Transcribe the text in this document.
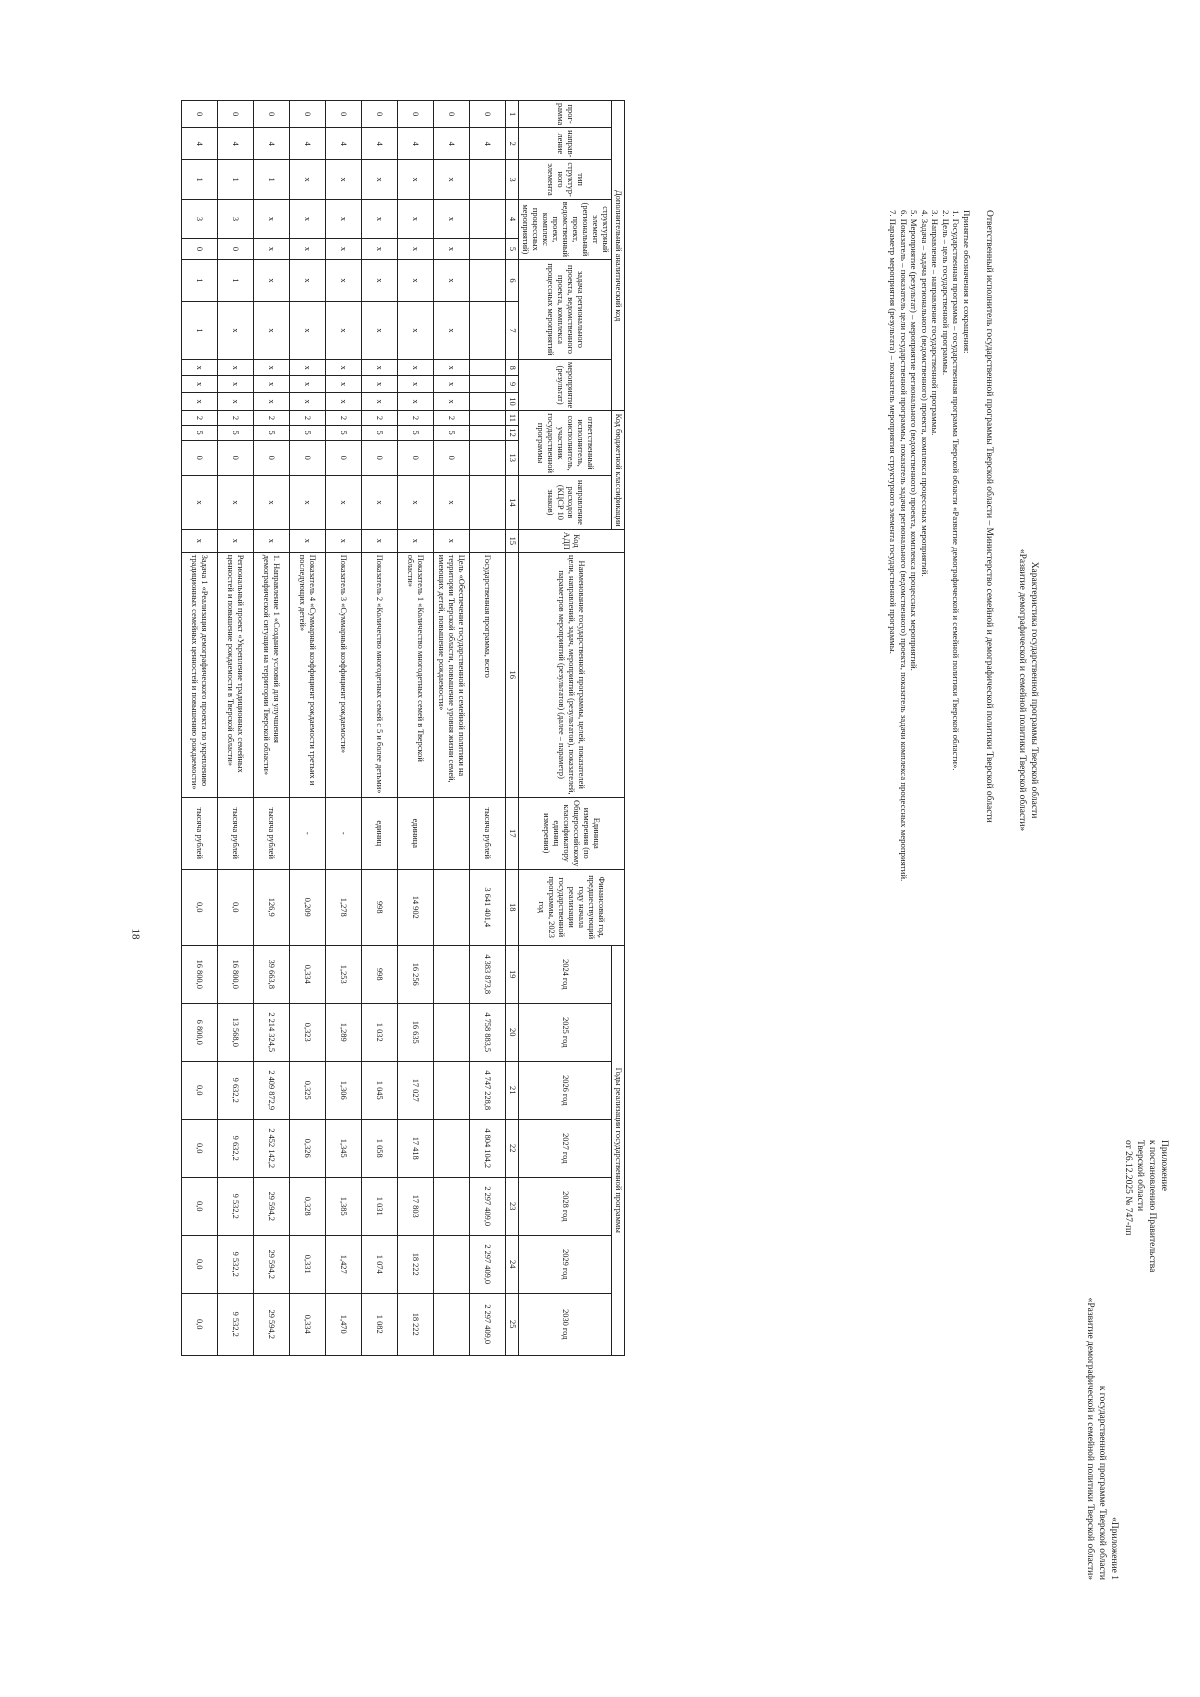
18
Приложение
к постановлению Правительства
Тверской области
от 26.12.2025 № 747-пп
«Приложение 1
к государственной программе Тверской области
«Развитие демографической и семейной политики Тверской области»
Характеристика государственной программы Тверской области
«Развитие демографической и семейной политики Тверской области»
Ответственный исполнитель государственной программы Тверской области – Министерство семейной и демографической политики Тверской области
Принятые обозначения и сокращения:
1. Государственная программа – государственная программа Тверской области «Развитие демографической и семейной политики Тверской области».
2. Цель – цель государственной программы.
3. Направление – направление государственной программы.
4. Задача – задача регионального (ведомственного) проекта, комплекса процессных мероприятий.
5. Мероприятие (результат) – мероприятие регионального (ведомственного) проекта, комплекса процессных мероприятий.
6. Показатель – показатель цели государственной программы, показатель задачи регионального (ведомственного) проекта, показатель задачи комплекса процессных мероприятий.
7. Параметр мероприятия (результата) – показатель мероприятия структурного элемента государственной программы.
Дополнительный аналитический код										Код бюджетной классификации				Код АДП	Наименование государственной программы, целей, показателей цели, направлений, задач, мероприятий (результатов), показателей, параметров мероприятий (результатов) (далее – параметр)	Единица измерения (по Общероссийскому классификатору единиц измерения)	Финансовый год, предшествующий году начала реализации государственной программы, 2023 год	Годы реализации государственной программы						
прог-рамма	направ-ление	тип структур-ного элемента	структурный элемент (региональный проект, ведомственный проект, комплекс процессных мероприятий)		задача регионального проекта, ведомственного проекта, комплекса процессных мероприятий		мероприятие (результат)			ответственный исполнитель, соисполнитель, участник государственной программы			направление расходов (КЦСР 10 знаков)					2024 год	2025 год	2026 год	2027 год	2028 год	2029 год	2030 год

1	2	3	4	5	6	7	8	9	10	11	12	13	14	15	16	17	18	19	20	21	22	23	24	25
0	4														Государственная программа, всего	тысяча рублей	3 641 401,4	4 383 873,8	4 758 883,5	4 747 228,8	4 804 104,2	2 297 409,0	2 297 409,0	2 297 409,0
0	4	х	х	х	х	х	х	х	х	2	5	0	х	х	Цель «Обеспечение государственной и семейной политики на территории Тверской области, повышение уровня жизни семей, имеющих детей, повышение рождаемости»									
0	4	х	х	х	х	х	х	х	х	2	5	0	х	х	Показатель 1 «Количество многодетных семей в Тверской области»	единица	14 902	16 256	16 635	17 027	17 418	17 803	18 222	18 222
0	4	х	х	х	х	х	х	х	х	2	5	0	х	х	Показатель 2 «Количество многодетных семей с 5 и более детьми»	единиц	998	998	1 032	1 045	1 058	1 031	1 074	1 082
0	4	х	х	х	х	х	х	х	х	2	5	0	х	х	Показатель 3 «Суммарный коэффициент рождаемости»	-	1,278	1,253	1,289	1,306	1,345	1,385	1,427	1,470
0	4	х	х	х	х	х	х	х	х	2	5	0	х	х	Показатель 4 «Суммарный коэффициент рождаемости третьих и последующих детей»	-	0,209	0,334	0,323	0,325	0,326	0,328	0,331	0,334
0	4	1	х	х	х	х	х	х	х	2	5	0	х	х	1. Направление 1 «Создание условий для улучшения демографической ситуации на территории Тверской области»	тысяча рублей	126,9	39 663,8	2 214 324,5	2 409 872,9	2 452 142,2	29 594,2	29 594,2	29 594,2
0	4	1	3	0	1	х	х	х	х	2	5	0	х	х	Региональный проект «Укрепление традиционных семейных ценностей и повышение рождаемости в Тверской области»	тысяча рублей	0,0	16 800,0	13 568,0	9 632,2	9 632,2	9 532,2	9 532,2	9 532,2
0	4	1	3	0	1	1	х	х	х	2	5	0	х	х	Задача 1 «Реализация демографического проекта по укреплению традиционных семейных ценностей и повышению рождаемости»	тысяча рублей	0,0	16 800,0	6 800,0	0,0	0,0	0,0	0,0	0,0
